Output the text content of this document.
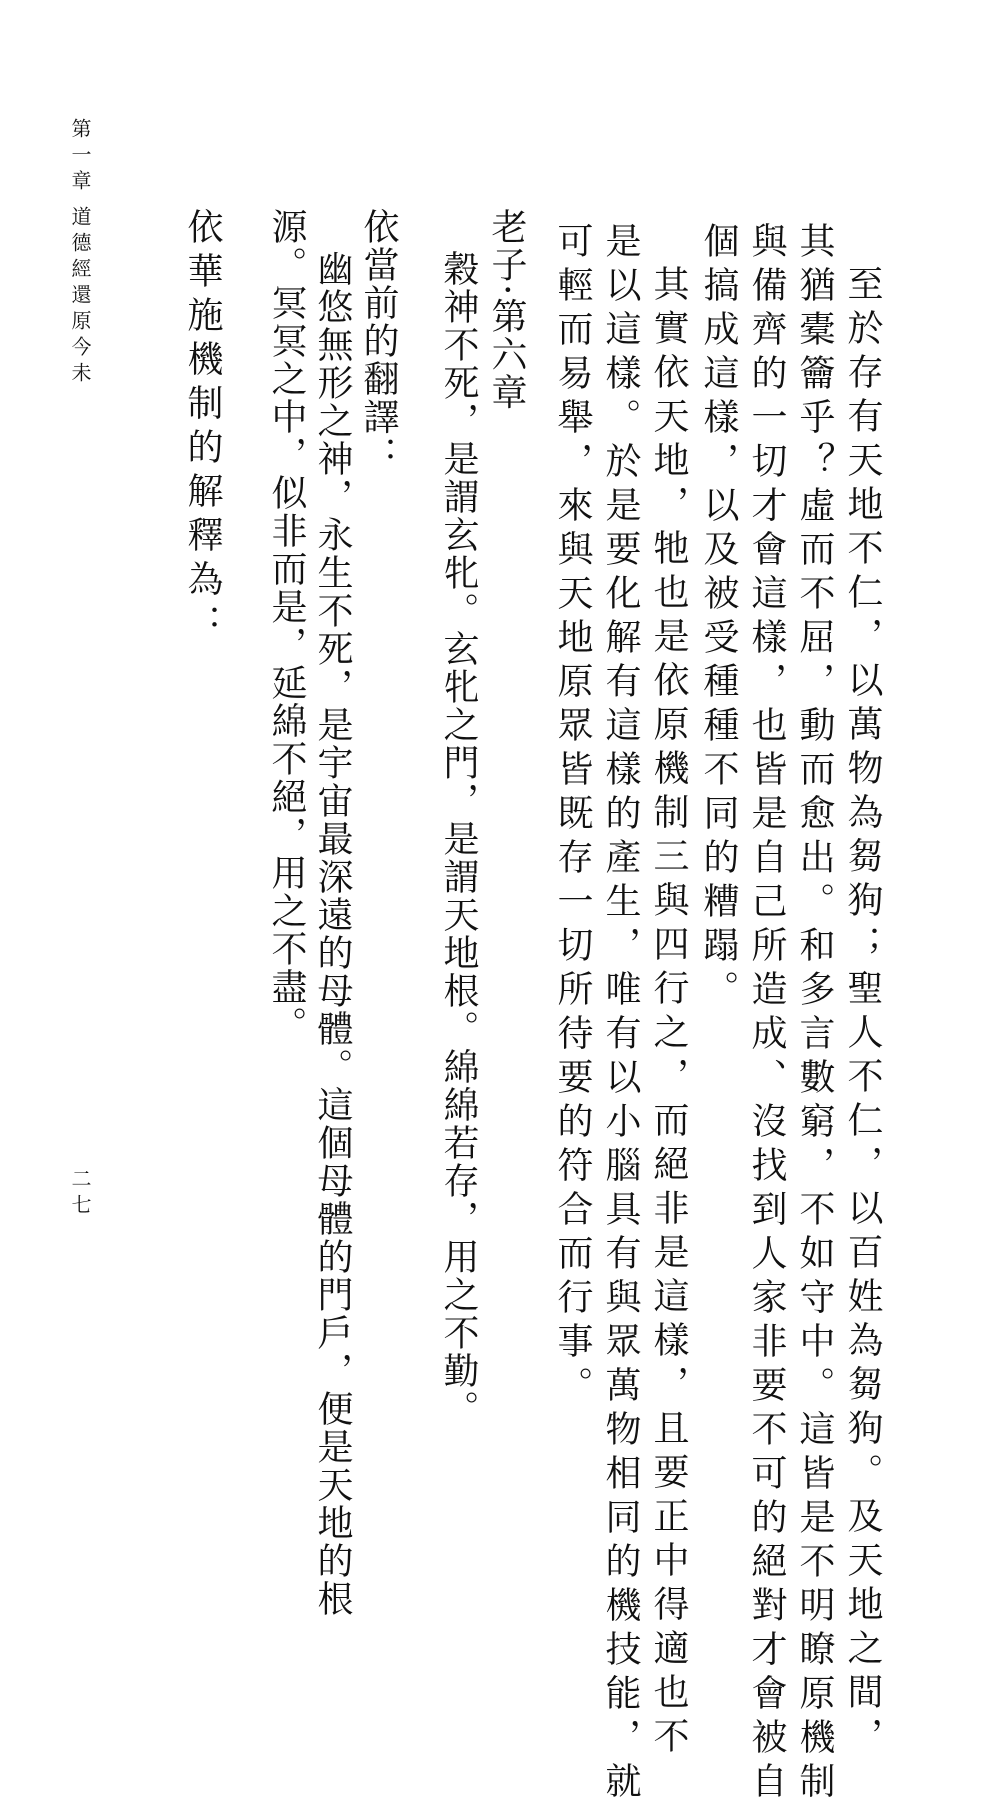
第一章
道德經還原今未
二七	至於存有天地不仁，以萬物為芻狗；聖人不仁，以百姓為芻狗。及天地之間，
其猶橐籥乎？虛而不屈，動而愈出。和多言數窮，不如守中。這皆是不明瞭原機制
與備齊的一切才會這樣，也皆是自己所造成、沒找到人家非要不可的絕對才會被自
個搞成這樣，以及被受種種不同的糟蹋。
其實依天地，牠也是依原機制三與四行之，而絕非是這樣，且要正中得適也不
是以這樣。於是要化解有這樣的產生，唯有以小腦具有與眾萬物相同的機技能，就
可輕而易舉，來與天地原眾皆既存一切所待要的符合而行事。
老子·第六章
穀神不死，是謂玄牝。玄牝之門，是謂天地根。綿綿若存，用之不勤。
依當前的翻譯：
幽悠無形之神，永生不死，是宇宙最深遠的母體。這個母體的門戶，便是天地的根
源。冥冥之中，似非而是，延綿不絕，用之不盡。
依華施機制的解釋為：
